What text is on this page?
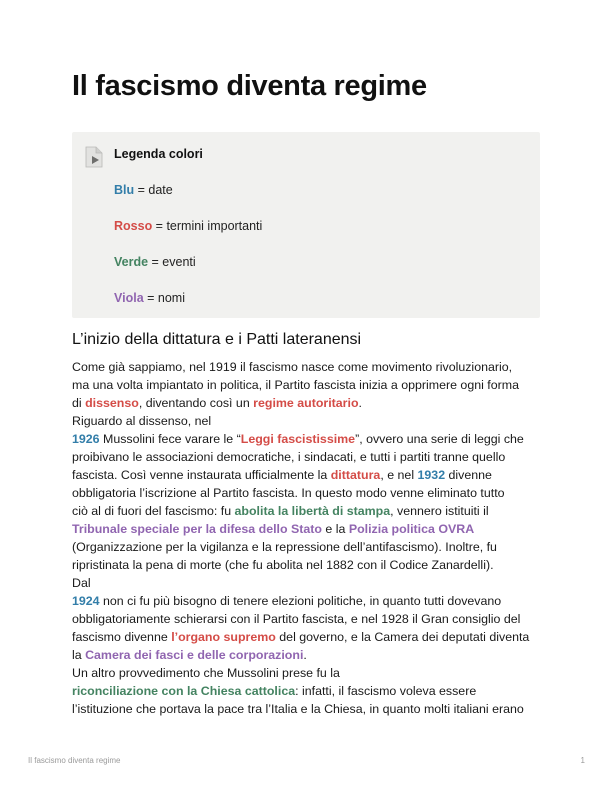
Il fascismo diventa regime
Legenda colori
Blu = date
Rosso = termini importanti
Verde = eventi
Viola = nomi
L’inizio della dittatura e i Patti lateranensi
Come già sappiamo, nel 1919 il fascismo nasce come movimento rivoluzionario,
ma una volta impiantato in politica, il Partito fascista inizia a opprimere ogni forma
di dissenso, diventando così un regime autoritario.
Riguardo al dissenso, nel
1926 Mussolini fece varare le “Leggi fascistissime”, ovvero una serie di leggi che
proibivano le associazioni democratiche, i sindacati, e tutti i partiti tranne quello
fascista. Così venne instaurata ufficialmente la dittatura, e nel 1932 divenne
obbligatoria l’iscrizione al Partito fascista. In questo modo venne eliminato tutto
ciò al di fuori del fascismo: fu abolita la libertà di stampa, vennero istituiti il
Tribunale speciale per la difesa dello Stato e la Polizia politica OVRA
(Organizzazione per la vigilanza e la repressione dell’antifascismo). Inoltre, fu
ripristinata la pena di morte (che fu abolita nel 1882 con il Codice Zanardelli).
Dal
1924 non ci fu più bisogno di tenere elezioni politiche, in quanto tutti dovevano
obbligatoriamente schierarsi con il Partito fascista, e nel 1928 il Gran consiglio del
fascismo divenne l’organo supremo del governo, e la Camera dei deputati diventa
la Camera dei fasci e delle corporazioni.
Un altro provvedimento che Mussolini prese fu la
riconciliazione con la Chiesa cattolica: infatti, il fascismo voleva essere
l’istituzione che portava la pace tra l’Italia e la Chiesa, in quanto molti italiani erano
Il fascismo diventa regime	1
